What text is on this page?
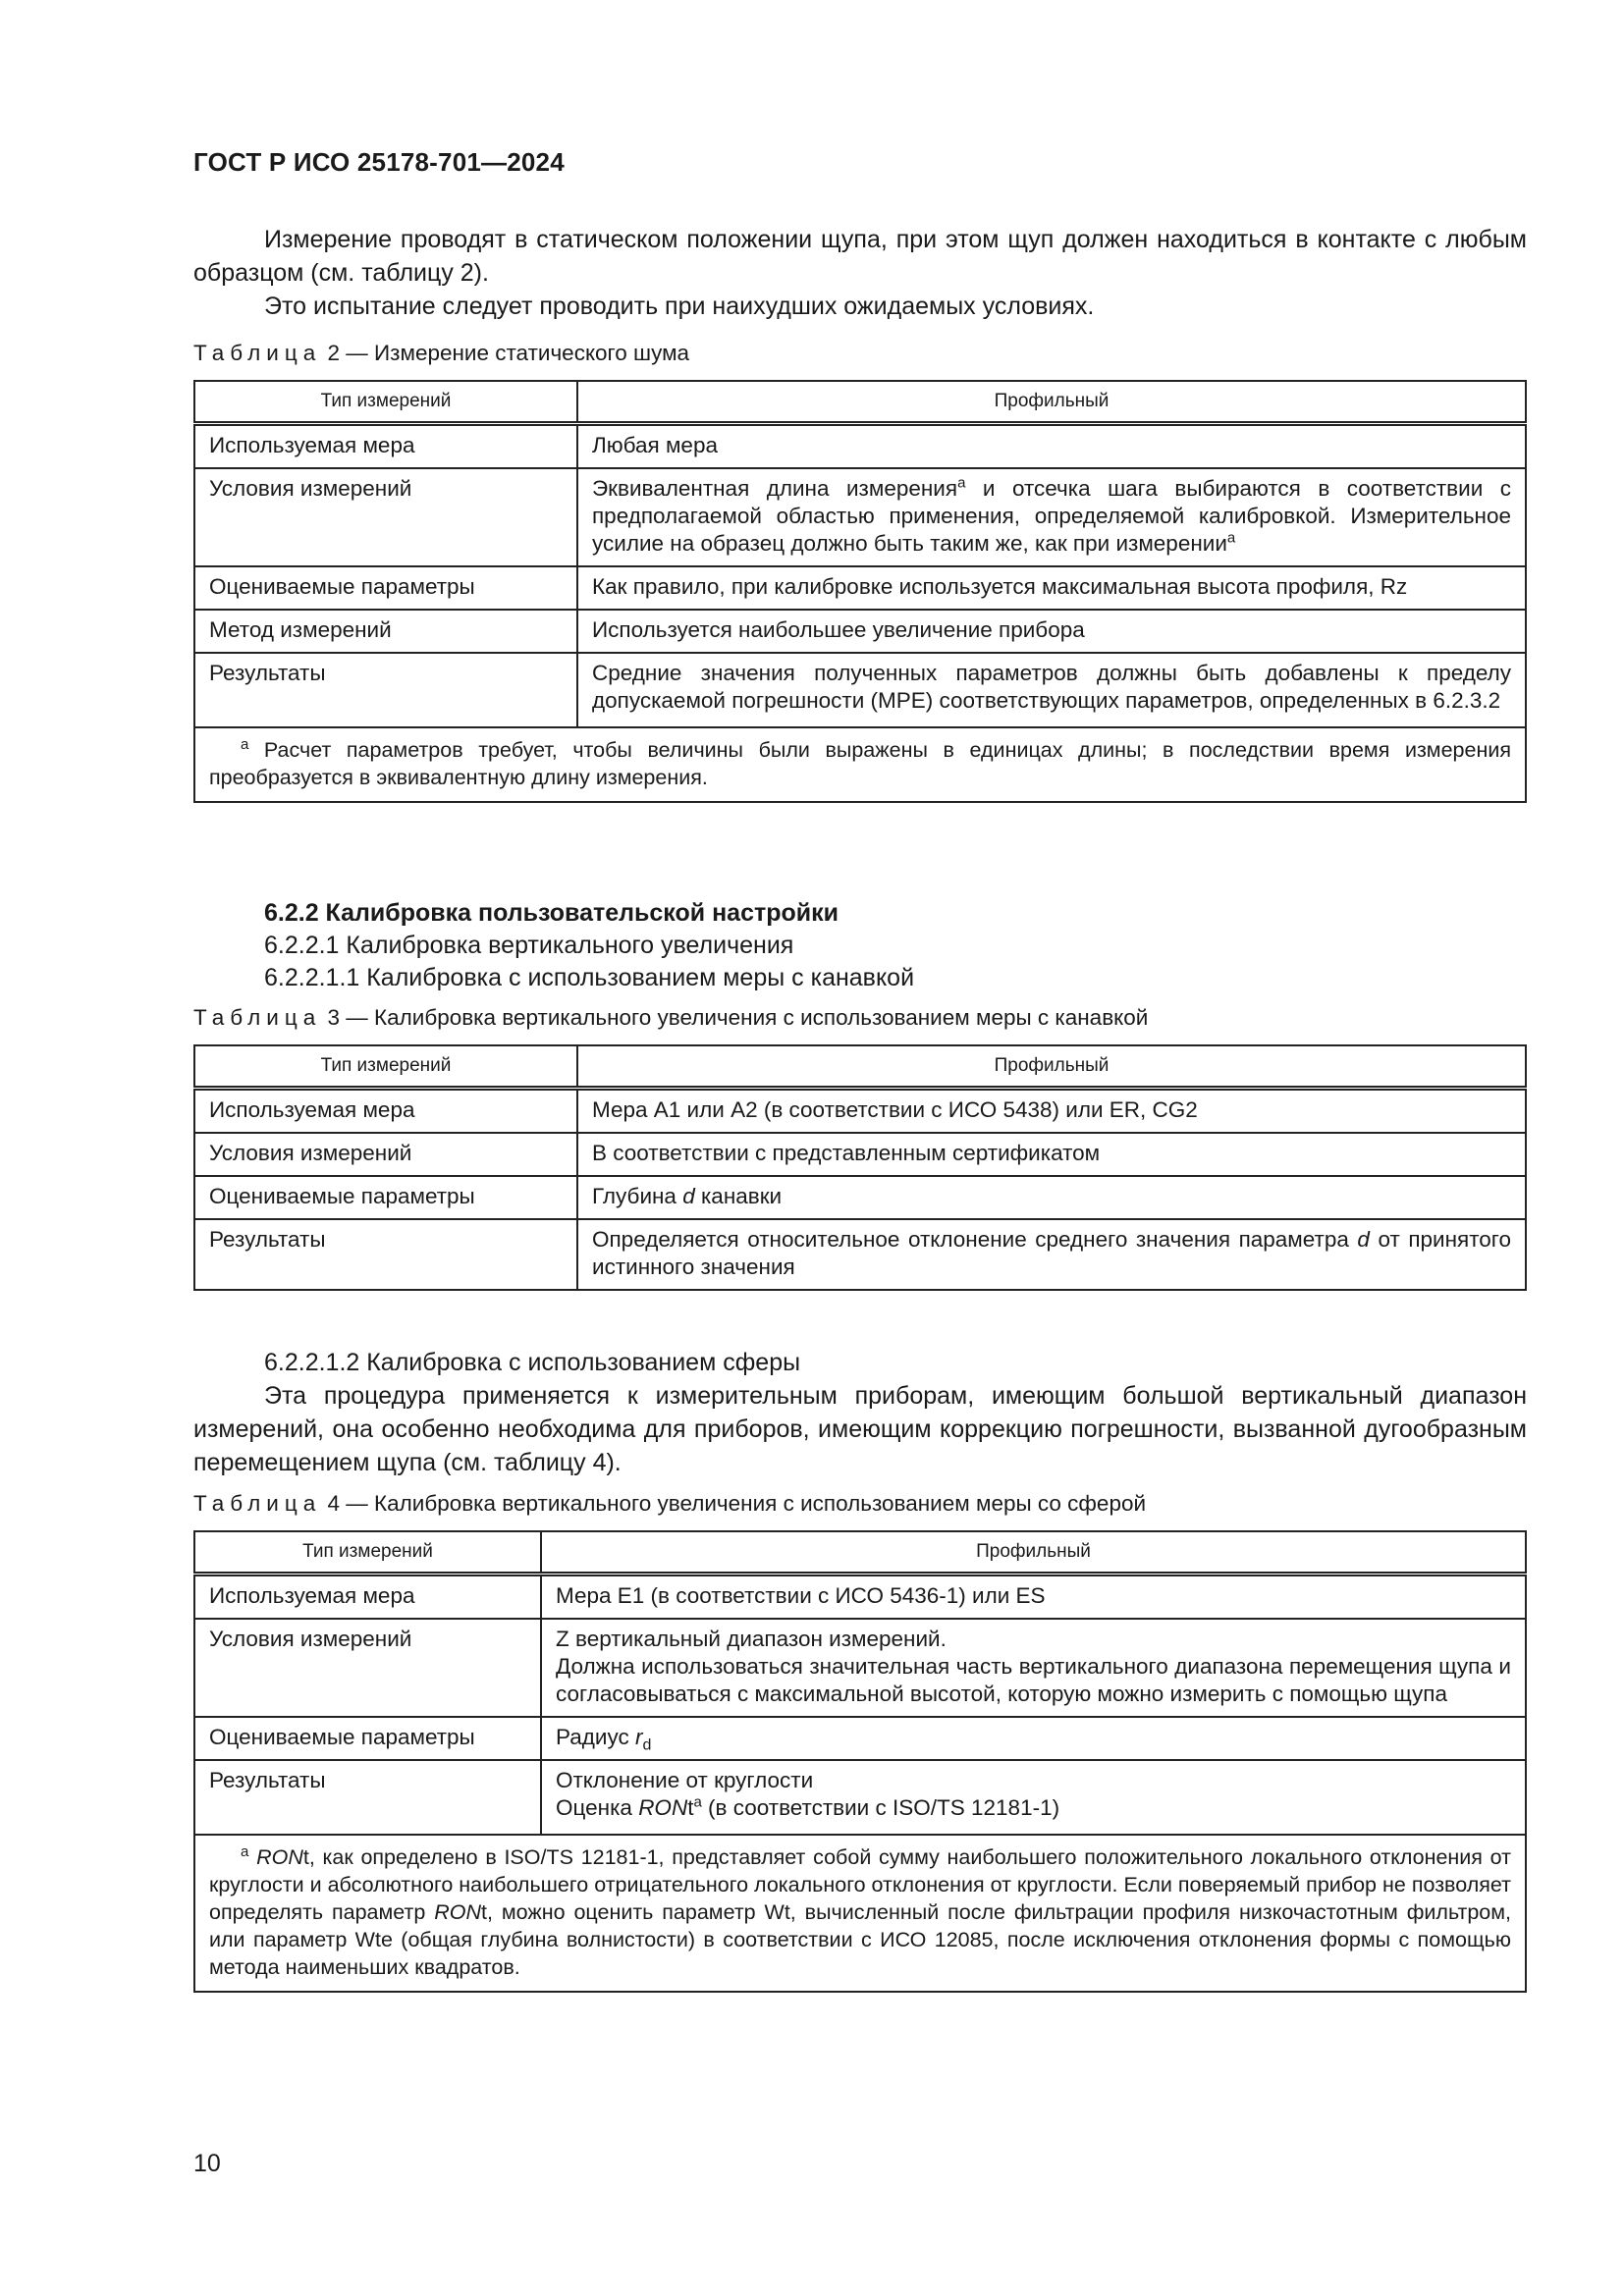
ГОСТ Р ИСО 25178-701—2024

Измерение проводят в статическом положении щупа, при этом щуп должен находиться в контакте с любым образцом (см. таблицу 2).

Это испытание следует проводить при наихудших ожидаемых условиях.

Таблица 2 — Измерение статического шума

Тип измерений	Профильный
Используемая мера	Любая мера
Условия измерений	Эквивалентная длина измерения$^a$ и отсечка шага выбираются в соответствии с предполагаемой областью применения, определяемой калибровкой. Измерительное усилие на образец должно быть таким же, как при измерении$^a$
Оцениваемые параметры	Как правило, при калибровке используется максимальная высота профиля, Rz
Метод измерений	Используется наибольшее увеличение прибора
Результаты	Средние значения полученных параметров должны быть добавлены к пределу допускаемой погрешности (MPE) соответствующих параметров, определенных в 6.2.3.2
$^a$ Расчет параметров требует, чтобы величины были выражены в единицах длины; в последствии время измерения преобразуется в эквивалентную длину измерения.	

6.2.2 Калибровка пользовательской настройки

6.2.2.1 Калибровка вертикального увеличения

6.2.2.1.1 Калибровка с использованием меры с канавкой

Таблица 3 — Калибровка вертикального увеличения с использованием меры с канавкой

Тип измерений	Профильный
Используемая мера	Мера А1 или А2 (в соответствии с ИСО 5438) или ER, CG2
Условия измерений	В соответствии с представленным сертификатом
Оцениваемые параметры	Глубина d канавки
Результаты	Определяется относительное отклонение среднего значения параметра d от принятого истинного значения

6.2.2.1.2 Калибровка с использованием сферы

Эта процедура применяется к измерительным приборам, имеющим большой вертикальный диапазон измерений, она особенно необходима для приборов, имеющим коррекцию погрешности, вызванной дугообразным перемещением щупа (см. таблицу 4).

Таблица 4 — Калибровка вертикального увеличения с использованием меры со сферой

Тип измерений	Профильный
Используемая мера	Мера Е1 (в соответствии с ИСО 5436-1) или ES
Условия измерений	Z вертикальный диапазон измерений.
Должна использоваться значительная часть вертикального диапазона перемещения щупа и согласовываться с максимальной высотой, которую можно измерить с помощью щупа

Оцениваемые параметры	Радиус $r_d$
Результаты	Отклонение от круглости
Оценка RONt$^a$ (в соответствии с ISO/TS 12181-1)

$^a$ RONt, как определено в ISO/TS 12181-1, представляет собой сумму наибольшего положительного локального отклонения от круглости и абсолютного наибольшего отрицательного локального отклонения от круглости. Если поверяемый прибор не позволяет определять параметр RONt, можно оценить параметр Wt, вычисленный после фильтрации профиля низкочастотным фильтром, или параметр Wte (общая глубина волнистости) в соответствии с ИСО 12085, после исключения отклонения формы с помощью метода наименьших квадратов.	
10
